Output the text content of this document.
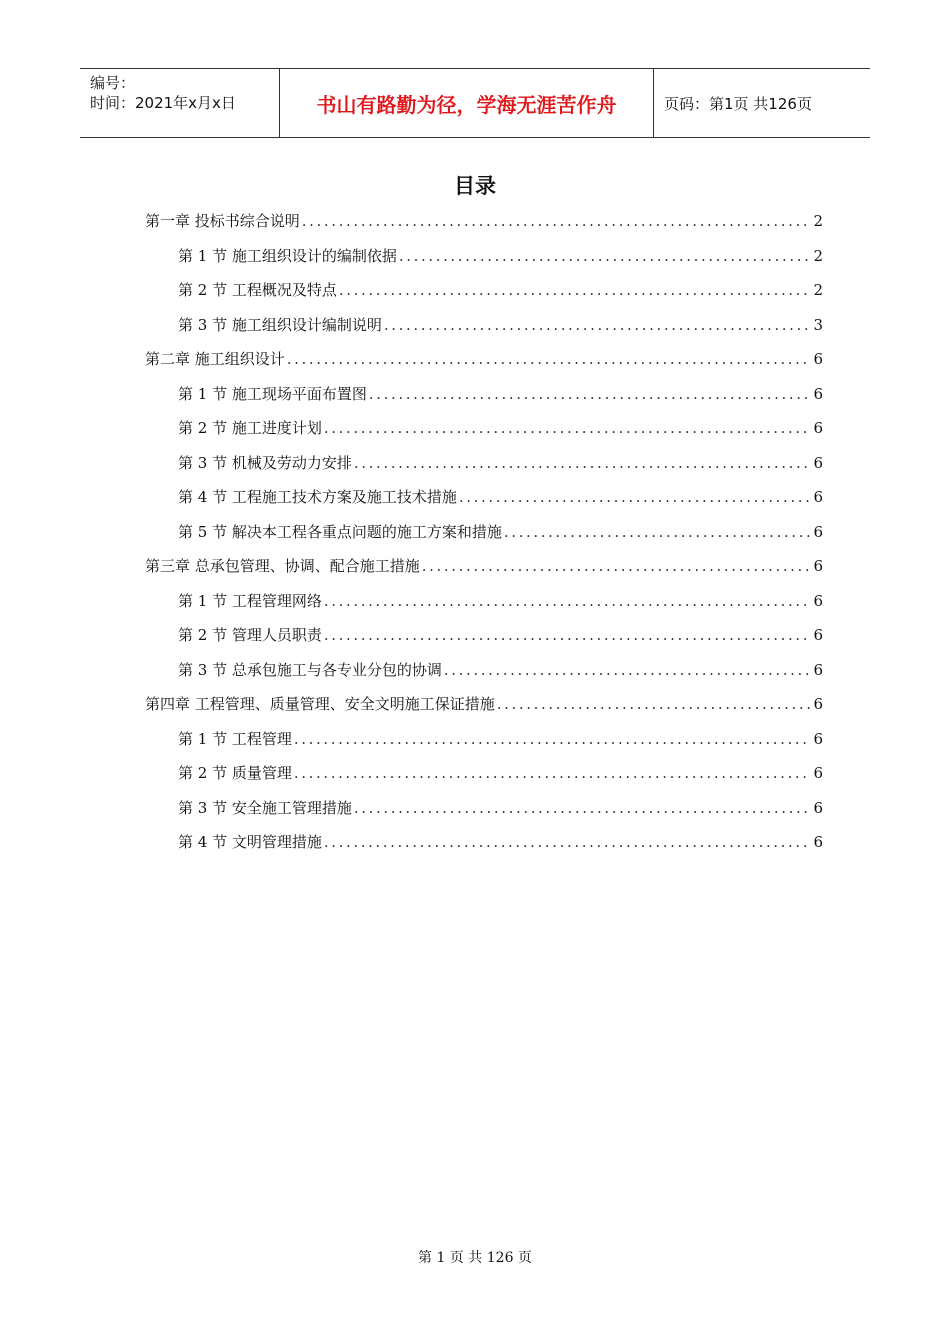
编号：
时间：2021年x月x日	书山有路勤为径，学海无涯苦作舟	页码：第1页 共126页
目录
第一章 投标书综合说明 .....	2
第 1 节 施工组织设计的编制依据 .....	2
第 2 节 工程概况及特点 .....	2
第 3 节 施工组织设计编制说明 .....	3
第二章 施工组织设计 .....	6
第 1 节 施工现场平面布置图 .....	6
第 2 节 施工进度计划 .....	6
第 3 节 机械及劳动力安排 .....	6
第 4 节 工程施工技术方案及施工技术措施 .....	6
第 5 节 解决本工程各重点问题的施工方案和措施 .....	6
第三章 总承包管理、协调、配合施工措施 .....	6
第 1 节 工程管理网络 .....	6
第 2 节 管理人员职责 .....	6
第 3 节 总承包施工与各专业分包的协调 .....	6
第四章 工程管理、质量管理、安全文明施工保证措施 .....	6
第 1 节 工程管理 .....	6
第 2 节 质量管理 .....	6
第 3 节 安全施工管理措施 .....	6
第 4 节 文明管理措施 .....	6
第 1 页 共 126 页
